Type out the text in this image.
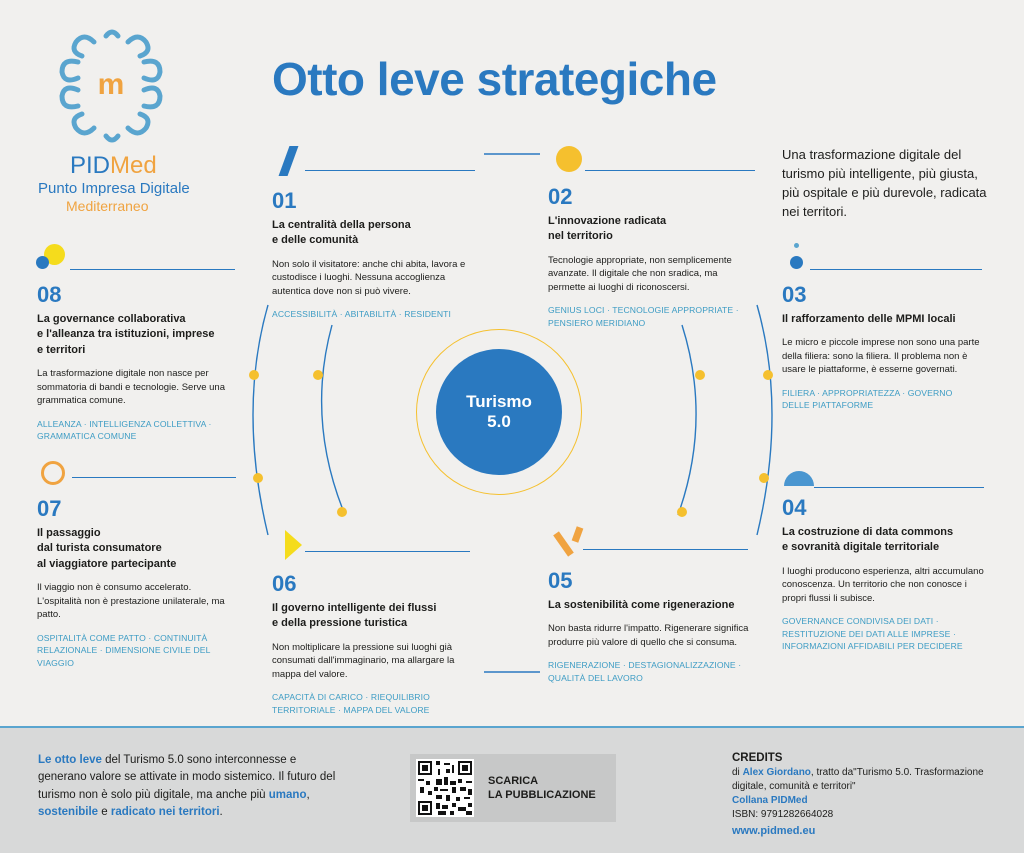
m
PIDMed
Punto Impresa Digitale
Mediterraneo
Otto leve strategiche
Una trasformazione digitale del turismo più intelligente, più giusta, più ospitale e più durevole, radicata nei territori.
Turismo
5.0
01
La centralità della persona
e delle comunità
Non solo il visitatore: anche chi abita, lavora e custodisce i luoghi. Nessuna accoglienza autentica dove non si può vivere.
ACCESSIBILITÀ · ABITABILITÀ · RESIDENTI
02
L'innovazione radicata
nel territorio
Tecnologie appropriate, non semplicemente avanzate. Il digitale che non sradica, ma permette ai luoghi di riconoscersi.
GENIUS LOCI · TECNOLOGIE APPROPRIATE · PENSIERO MERIDIANO
03
Il rafforzamento delle MPMI locali
Le micro e piccole imprese non sono una parte della filiera: sono la filiera. Il problema non è usare le piattaforme, è esserne governati.
FILIERA · APPROPRIATEZZA · GOVERNO DELLE PIATTAFORME
04
La costruzione di data commons
e sovranità digitale territoriale
I luoghi producono esperienza, altri accumulano conoscenza. Un territorio che non conosce i propri flussi li subisce.
GOVERNANCE CONDIVISA DEI DATI · RESTITUZIONE DEI DATI ALLE IMPRESE · INFORMAZIONI AFFIDABILI PER DECIDERE
05
La sostenibilità come rigenerazione
Non basta ridurre l'impatto. Rigenerare significa produrre più valore di quello che si consuma.
RIGENERAZIONE · DESTAGIONALIZZAZIONE · QUALITÀ DEL LAVORO
06
Il governo intelligente dei flussi
e della pressione turistica
Non moltiplicare la pressione sui luoghi già consumati dall'immaginario, ma allargare la mappa del valore.
CAPACITÀ DI CARICO · RIEQUILIBRIO TERRITORIALE · MAPPA DEL VALORE
07
Il passaggio
dal turista consumatore
al viaggiatore partecipante
Il viaggio non è consumo accelerato. L'ospitalità non è prestazione unilaterale, ma patto.
OSPITALITÀ COME PATTO · CONTINUITÀ RELAZIONALE · DIMENSIONE CIVILE DEL VIAGGIO
08
La governance collaborativa
e l'alleanza tra istituzioni, imprese
e territori
La trasformazione digitale non nasce per sommatoria di bandi e tecnologie. Serve una grammatica comune.
ALLEANZA · INTELLIGENZA COLLETTIVA · GRAMMATICA COMUNE
Le otto leve del Turismo 5.0 sono interconnesse e generano valore se attivate in modo sistemico. Il futuro del turismo non è solo più digitale, ma anche più umano, sostenibile e radicato nei territori.
SCARICA
LA PUBBLICAZIONE
CREDITS
di Alex Giordano, tratto da"Turismo 5.0. Trasformazione digitale, comunità e territori"
Collana PIDMed
ISBN: 9791282664028
www.pidmed.eu
